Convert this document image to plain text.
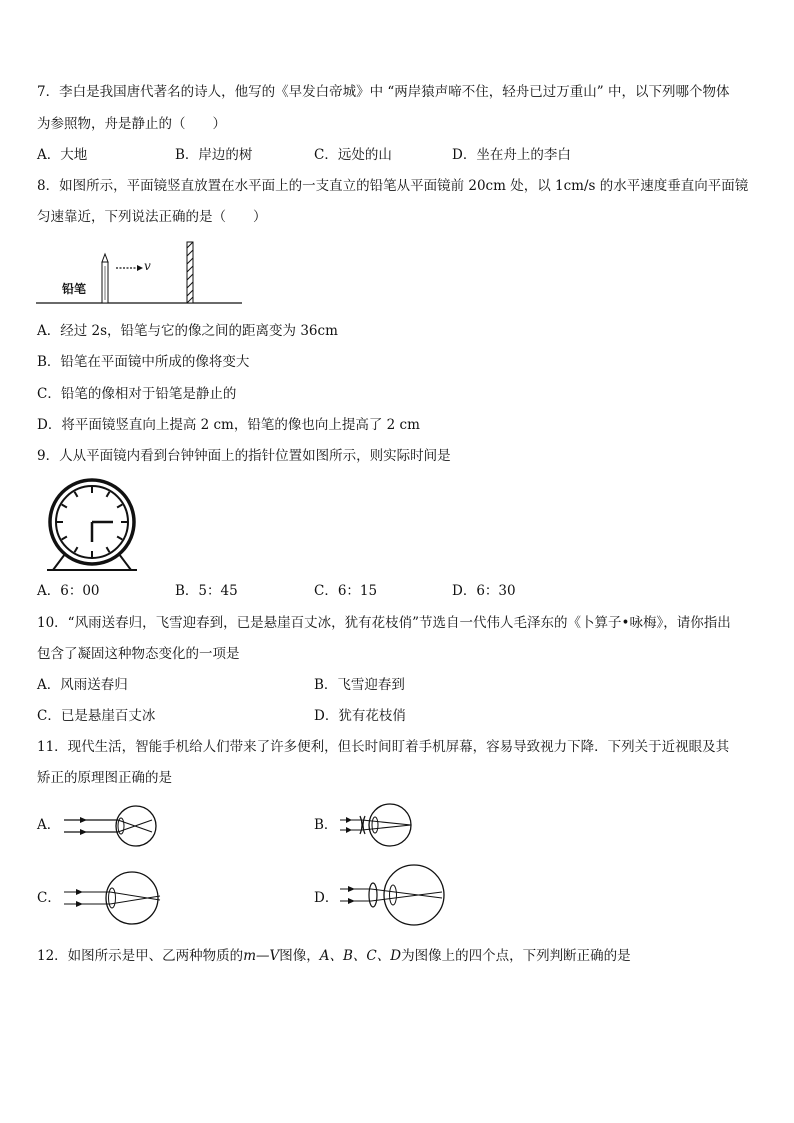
7．李白是我国唐代著名的诗人，他写的《早发白帝城》中 “两岸猿声啼不住，轻舟已过万重山” 中，以下列哪个物体
为参照物，舟是静止的（　　）
A．大地	B．岸边的树	C．远处的山	D．坐在舟上的李白
8．如图所示，平面镜竖直放置在水平面上的一支直立的铅笔从平面镜前 20cm 处，以 1cm/s 的水平速度垂直向平面镜
匀速靠近，下列说法正确的是（　　）
铅笔
v
A．经过 2s，铅笔与它的像之间的距离变为 36cm
B．铅笔在平面镜中所成的像将变大
C．铅笔的像相对于铅笔是静止的
D．将平面镜竖直向上提高 2 cm，铅笔的像也向上提高了 2 cm
9．人从平面镜内看到台钟钟面上的指针位置如图所示，则实际时间是
A．6：00	B．5：45	C．6：15	D．6：30
10．“风雨送春归，飞雪迎春到，已是悬崖百丈冰，犹有花枝俏”节选自一代伟人毛泽东的《卜算子•咏梅》，请你指出
包含了凝固这种物态变化的一项是
A．风雨送春归	B．飞雪迎春到
C．已是悬崖百丈冰	D．犹有花枝俏
11．现代生活，智能手机给人们带来了许多便利，但长时间盯着手机屏幕，容易导致视力下降．下列关于近视眼及其
矫正的原理图正确的是
A．	B．
C．	D．
12．如图所示是甲、乙两种物质的m—V图像，A、B、C、D为图像上的四个点，下列判断正确的是
